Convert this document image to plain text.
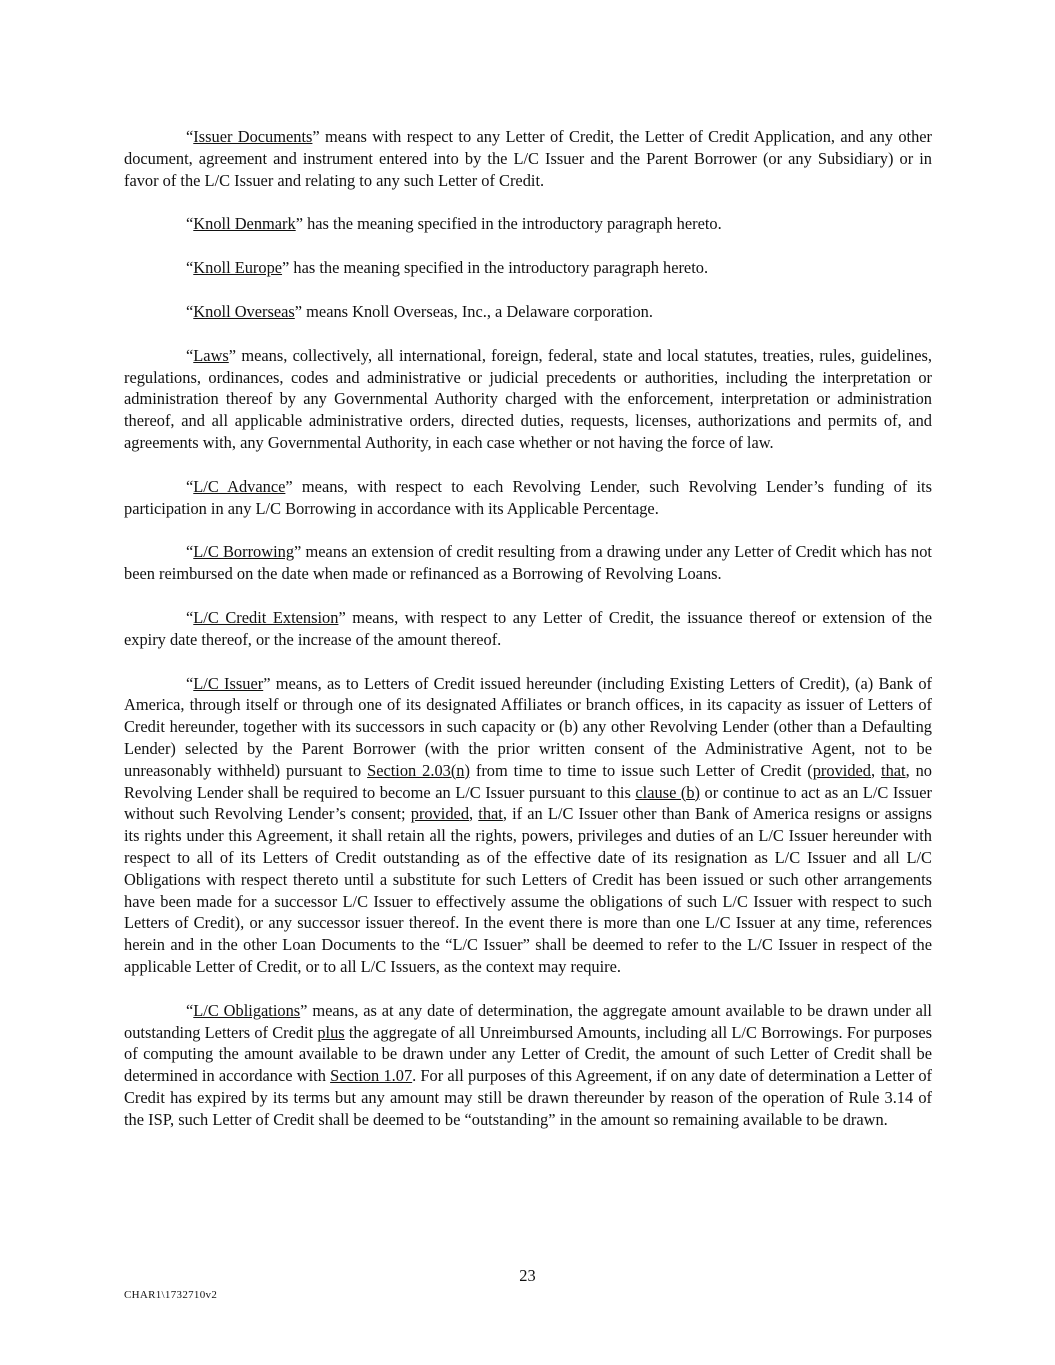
“Issuer Documents” means with respect to any Letter of Credit, the Letter of Credit Application, and any other document, agreement and instrument entered into by the L/C Issuer and the Parent Borrower (or any Subsidiary) or in favor of the L/C Issuer and relating to any such Letter of Credit.

“Knoll Denmark” has the meaning specified in the introductory paragraph hereto.

“Knoll Europe” has the meaning specified in the introductory paragraph hereto.

“Knoll Overseas” means Knoll Overseas, Inc., a Delaware corporation.

“Laws” means, collectively, all international, foreign, federal, state and local statutes, treaties, rules, guidelines, regulations, ordinances, codes and administrative or judicial precedents or authorities, including the interpretation or administration thereof by any Governmental Authority charged with the enforcement, interpretation or administration thereof, and all applicable administrative orders, directed duties, requests, licenses, authorizations and permits of, and agreements with, any Governmental Authority, in each case whether or not having the force of law.

“L/C Advance” means, with respect to each Revolving Lender, such Revolving Lender’s funding of its participation in any L/C Borrowing in accordance with its Applicable Percentage.

“L/C Borrowing” means an extension of credit resulting from a drawing under any Letter of Credit which has not been reimbursed on the date when made or refinanced as a Borrowing of Revolving Loans.

“L/C Credit Extension” means, with respect to any Letter of Credit, the issuance thereof or extension of the expiry date thereof, or the increase of the amount thereof.

“L/C Issuer” means, as to Letters of Credit issued hereunder (including Existing Letters of Credit), (a) Bank of America, through itself or through one of its designated Affiliates or branch offices, in its capacity as issuer of Letters of Credit hereunder, together with its successors in such capacity or (b) any other Revolving Lender (other than a Defaulting Lender) selected by the Parent Borrower (with the prior written consent of the Administrative Agent, not to be unreasonably withheld) pursuant to Section 2.03(n) from time to time to issue such Letter of Credit (provided, that, no Revolving Lender shall be required to become an L/C Issuer pursuant to this clause (b) or continue to act as an L/C Issuer without such Revolving Lender’s consent; provided, that, if an L/C Issuer other than Bank of America resigns or assigns its rights under this Agreement, it shall retain all the rights, powers, privileges and duties of an L/C Issuer hereunder with respect to all of its Letters of Credit outstanding as of the effective date of its resignation as L/C Issuer and all L/C Obligations with respect thereto until a substitute for such Letters of Credit has been issued or such other arrangements have been made for a successor L/C Issuer to effectively assume the obligations of such L/C Issuer with respect to such Letters of Credit), or any successor issuer thereof. In the event there is more than one L/C Issuer at any time, references herein and in the other Loan Documents to the “L/C Issuer” shall be deemed to refer to the L/C Issuer in respect of the applicable Letter of Credit, or to all L/C Issuers, as the context may require.

“L/C Obligations” means, as at any date of determination, the aggregate amount available to be drawn under all outstanding Letters of Credit plus the aggregate of all Unreimbursed Amounts, including all L/C Borrowings. For purposes of computing the amount available to be drawn under any Letter of Credit, the amount of such Letter of Credit shall be determined in accordance with Section 1.07. For all purposes of this Agreement, if on any date of determination a Letter of Credit has expired by its terms but any amount may still be drawn thereunder by reason of the operation of Rule 3.14 of the ISP, such Letter of Credit shall be deemed to be “outstanding” in the amount so remaining available to be drawn.

23
CHAR1\1732710v2
